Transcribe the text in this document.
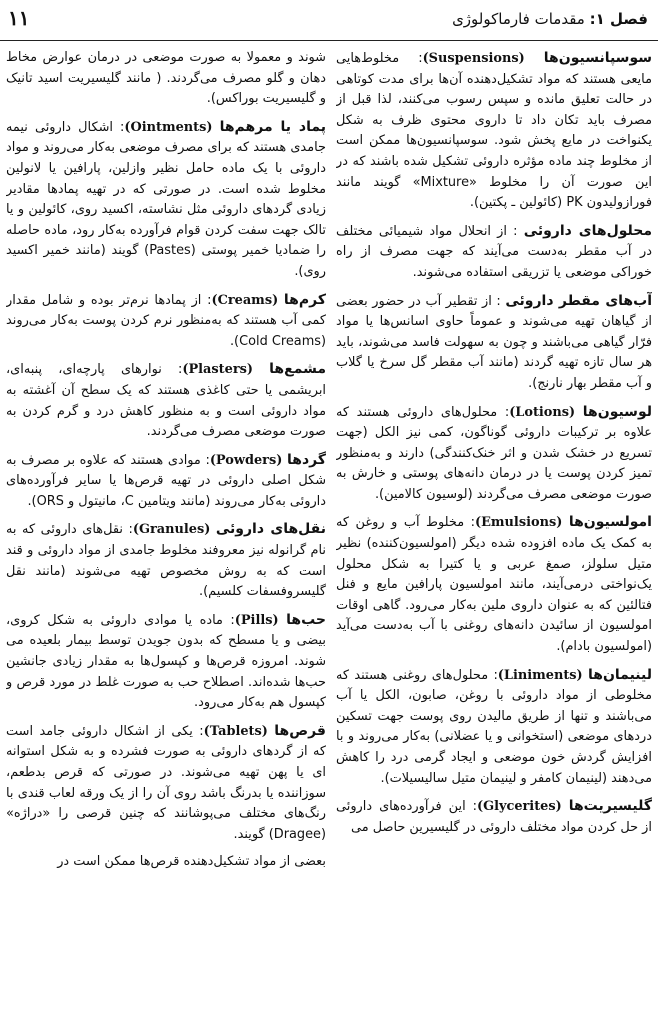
فصل ۱: مقدمات فارماکولوژی
۱۱

سوسپانسیون‌ها (Suspensions): مخلوط‌هایی مایعی هستند که مواد تشکیل‌دهنده آن‌ها برای مدت کوتاهی در حالت تعلیق مانده و سپس رسوب می‌کنند، لذا قبل از مصرف باید تکان داد تا داروی محتوی ظرف به شکل یکنواخت در مایع پخش شود. سوسپانسیون‌ها ممکن است از مخلوط چند ماده مؤثره داروئی تشکیل شده باشند که در این صورت آن را مخلوط «Mixture» گویند مانند فورازولیدون PK (کائولین ـ پکتین).

محلول‌های داروئی : از انحلال مواد شیمیائی مختلف در آب مقطر به‌دست می‌آیند که جهت مصرف از راه خوراکی موضعی یا تزریقی استفاده می‌شوند.

آب‌های مقطر داروئی : از تقطیر آب در حضور بعضی از گیاهان تهیه می‌شوند و عموماً حاوی اسانس‌ها یا مواد فرّار گیاهی می‌باشند و چون به سهولت فاسد می‌شوند، باید هر سال تازه تهیه گردند (مانند آب مقطر گل سرخ یا گلاب و آب مقطر بهار نارنج).

لوسیون‌ها (Lotions): محلول‌های داروئی هستند که علاوه بر ترکیبات داروئی گوناگون، کمی نیز الکل (جهت تسریع در خشک شدن و اثر خنک‌کنندگی) دارند و به‌منظور تمیز کردن پوست یا در درمان دانه‌های پوستی و خارش به صورت موضعی مصرف می‌گردند (لوسیون کالامین).

امولسیون‌ها (Emulsions): مخلوط آب و روغن که به کمک یک ماده افزوده شده دیگر (امولسیون‌کننده) نظیر متیل سلولز، صمغ عربی و یا کتیرا به شکل محلول یک‌نواختی درمی‌آیند، مانند امولسیون پارافین مایع و فنل فتالئین که به عنوان داروی ملین به‌کار می‌رود. گاهی اوقات امولسیون از سائیدن دانه‌های روغنی با آب به‌دست می‌آید (امولسیون بادام).

لینیمان‌ها (Liniments): محلول‌های روغنی هستند که مخلوطی از مواد داروئی با روغن، صابون، الکل یا آب می‌باشند و تنها از طریق مالیدن روی پوست جهت تسکین دردهای موضعی (استخوانی و یا عضلانی) به‌کار می‌روند و با افزایش گردش خون موضعی و ایجاد گرمی درد را کاهش می‌دهند (لینیمان کامفر و لینیمان متیل سالیسیلات).

گلیسیریت‌ها (Glycerites): این فرآورده‌های داروئی از حل کردن مواد مختلف داروئی در گلیسیرین حاصل می

شوند و معمولا به صورت موضعی در درمان عوارض مخاط دهان و گلو مصرف می‌گردند. ( مانند گلیسیریت اسید تانیک و گلیسیریت بوراکس).

پماد یا مرهم‌ها (Ointments): اشکال داروئی نیمه جامدی هستند که برای مصرف موضعی به‌کار می‌روند و مواد داروئی با یک ماده حامل نظیر وازلین، پارافین یا لانولین مخلوط شده است. در صورتی که در تهیه پمادها مقادیر زیادی گردهای داروئی مثل نشاسته، اکسید روی، کائولین و یا تالک جهت سفت کردن قوام فرآورده به‌کار رود، ماده حاصله را ضمادیا خمیر پوستی (Pastes) گویند (مانند خمیر اکسید روی).

کرم‌ها (Creams): از پمادها نرم‌تر بوده و شامل مقدار کمی آب هستند که به‌منظور نرم کردن پوست به‌کار می‌روند (Cold Creams).

مشمع‌ها (Plasters): نوارهای پارچه‌ای، پنبه‌ای، ابریشمی یا حتی کاغذی هستند که یک سطح آن آغشته به مواد داروئی است و به منظور کاهش درد و گرم کردن به صورت موضعی مصرف می‌گردند.

گردها (Powders): موادی هستند که علاوه بر مصرف به شکل اصلی داروئی در تهیه قرص‌ها یا سایر فرآورده‌های داروئی به‌کار می‌روند (مانند ویتامین C، مانیتول و ORS).

نقل‌های داروئی (Granules): نقل‌های داروئی که به نام گرانوله نیز معروفند مخلوط جامدی از مواد داروئی و قند است که به روش مخصوص تهیه می‌شوند (مانند نقل گلیسروفسفات کلسیم).

حب‌ها (Pills): ماده یا موادی داروئی به شکل کروی، بیضی و یا مسطح که بدون جویدن توسط بیمار بلعیده می شوند. امروزه قرص‌ها و کپسول‌ها به مقدار زیادی جانشین حب‌ها شده‌اند. اصطلاح حب به صورت غلط در مورد قرص و کپسول هم به‌کار می‌رود.

قرص‌ها (Tablets): یکی از اشکال داروئی جامد است که از گردهای داروئی به صورت فشرده و به شکل استوانه ای یا پهن تهیه می‌شوند. در صورتی که قرص بدطعم، سوزاننده یا بدرنگ باشد روی آن را از یک ورقه لعاب قندی با رنگ‌های مختلف می‌پوشانند که چنین قرصی را «دراژه» (Dragee) گویند.

بعضی از مواد تشکیل‌دهنده قرص‌ها ممکن است در
